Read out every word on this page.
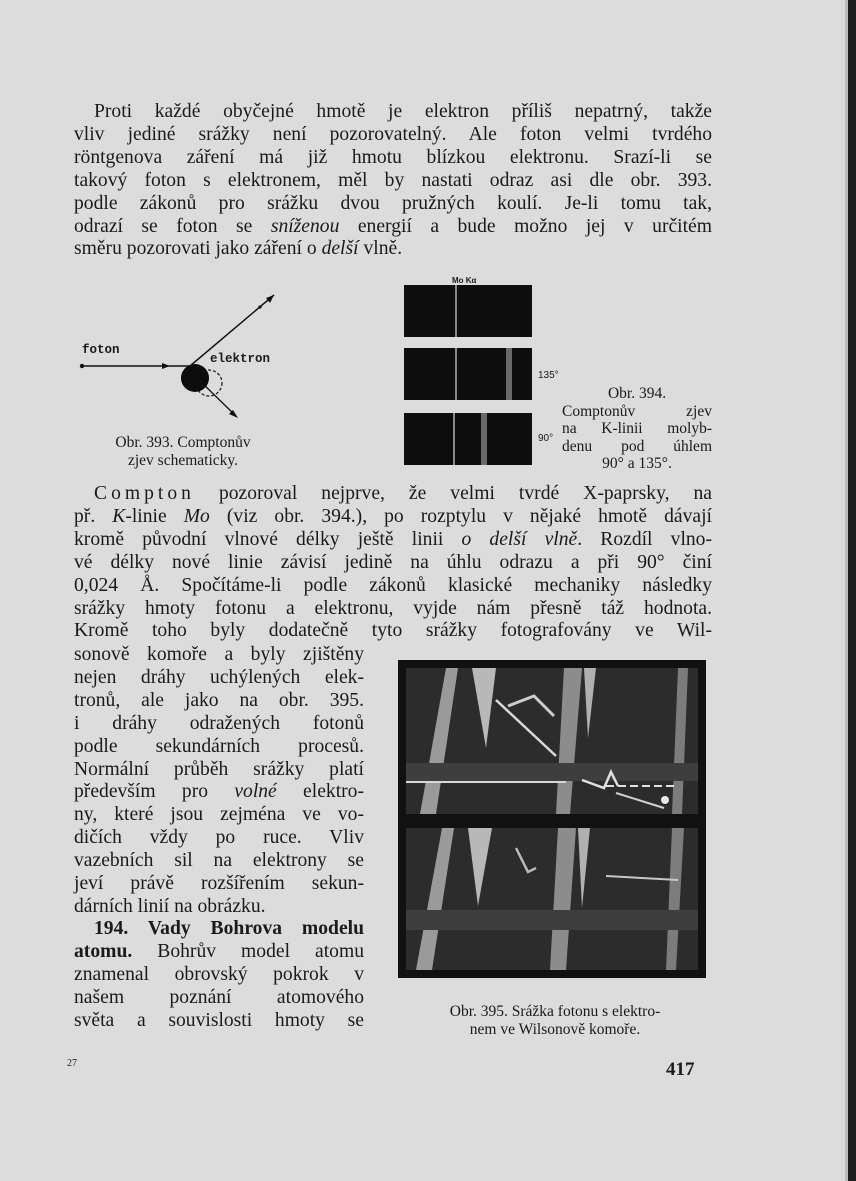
Proti každé obyčejné hmotě je elektron příliš nepatrný, takže
vliv jediné srážky není pozorovatelný. Ale foton velmi tvrdého
röntgenova záření má již hmotu blízkou elektronu. Srazí-li se
takový foton s elektronem, měl by nastati odraz asi dle obr. 393.
podle zákonů pro srážku dvou pružných koulí. Je-li tomu tak,
odrazí se foton se sníženou energií a bude možno jej v určitém
směru pozorovati jako záření o delší vlně.
foton
elektron
Obr. 393. Comptonův
zjev schematicky.
Mo Kα
135°
90°
Obr. 394.
Comptonův zjev
na K-linii molyb-
denu pod úhlem
90° a 135°.
Compton pozoroval nejprve, že velmi tvrdé X-paprsky, na
př. K-linie Mo (viz obr. 394.), po rozptylu v nějaké hmotě dávají
kromě původní vlnové délky ještě linii o delší vlně. Rozdíl vlno-
vé délky nové linie závisí jedině na úhlu odrazu a při 90° činí
0,024 Å. Spočítáme-li podle zákonů klasické mechaniky následky
srážky hmoty fotonu a elektronu, vyjde nám přesně táž hodnota.
Kromě toho byly dodatečně tyto srážky fotografovány ve Wil-
sonově komoře a byly zjištěny
nejen dráhy uchýlených elek-
tronů, ale jako na obr. 395.
i dráhy odražených fotonů
podle sekundárních procesů.
Normální průběh srážky platí
především pro volné elektro-
ny, které jsou zejména ve vo-
dičích vždy po ruce. Vliv
vazebních sil na elektrony se
jeví právě rozšířením sekun-
dárních linií na obrázku.
194. Vady Bohrova modelu
atomu. Bohrův model atomu
znamenal obrovský pokrok v
našem poznání atomového
světa a souvislosti hmoty se	Obr. 395. Srážka fotonu s elektro-
nem ve Wilsonově komoře.
27	417
